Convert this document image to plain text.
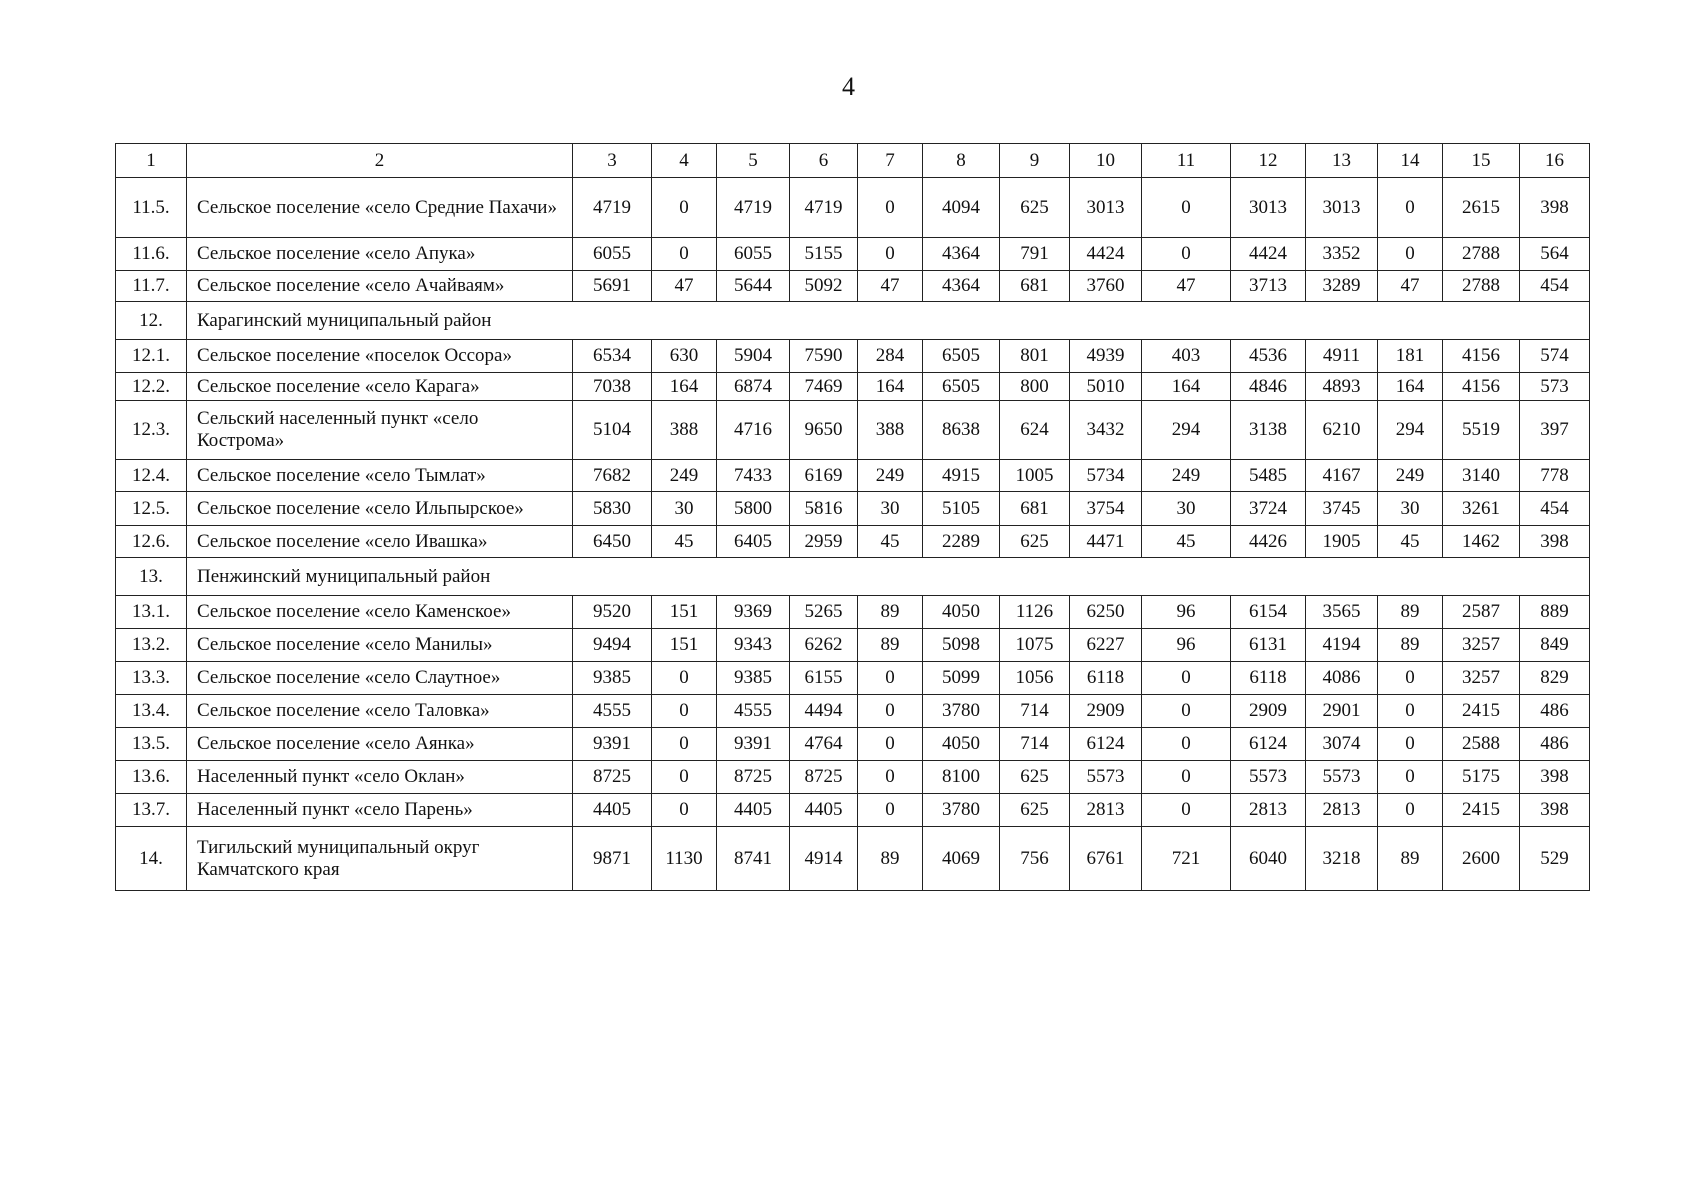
4
1	2	3	4	5	6	7	8	9	10	11	12	13	14	15	16
11.5.	Сельское поселение «село Средние Пахачи»	4719	0	4719	4719	0	4094	625	3013	0	3013	3013	0	2615	398
11.6.	Сельское поселение «село Апука»	6055	0	6055	5155	0	4364	791	4424	0	4424	3352	0	2788	564
11.7.	Сельское поселение «село Ачайваям»	5691	47	5644	5092	47	4364	681	3760	47	3713	3289	47	2788	454
12.	Карагинский муниципальный район														
12.1.	Сельское поселение «поселок Оссора»	6534	630	5904	7590	284	6505	801	4939	403	4536	4911	181	4156	574
12.2.	Сельское поселение «село Карага»	7038	164	6874	7469	164	6505	800	5010	164	4846	4893	164	4156	573
12.3.	Сельский населенный пункт «село Кострома»	5104	388	4716	9650	388	8638	624	3432	294	3138	6210	294	5519	397
12.4.	Сельское поселение «село Тымлат»	7682	249	7433	6169	249	4915	1005	5734	249	5485	4167	249	3140	778
12.5.	Сельское поселение «село Ильпырское»	5830	30	5800	5816	30	5105	681	3754	30	3724	3745	30	3261	454
12.6.	Сельское поселение «село Ивашка»	6450	45	6405	2959	45	2289	625	4471	45	4426	1905	45	1462	398
13.	Пенжинский муниципальный район														
13.1.	Сельское поселение «село Каменское»	9520	151	9369	5265	89	4050	1126	6250	96	6154	3565	89	2587	889
13.2.	Сельское поселение «село Манилы»	9494	151	9343	6262	89	5098	1075	6227	96	6131	4194	89	3257	849
13.3.	Сельское поселение «село Слаутное»	9385	0	9385	6155	0	5099	1056	6118	0	6118	4086	0	3257	829
13.4.	Сельское поселение «село Таловка»	4555	0	4555	4494	0	3780	714	2909	0	2909	2901	0	2415	486
13.5.	Сельское поселение «село Аянка»	9391	0	9391	4764	0	4050	714	6124	0	6124	3074	0	2588	486
13.6.	Населенный пункт «село Оклан»	8725	0	8725	8725	0	8100	625	5573	0	5573	5573	0	5175	398
13.7.	Населенный пункт «село Парень»	4405	0	4405	4405	0	3780	625	2813	0	2813	2813	0	2415	398
14.	Тигильский муниципальный округ Камчатского края	9871	1130	8741	4914	89	4069	756	6761	721	6040	3218	89	2600	529
